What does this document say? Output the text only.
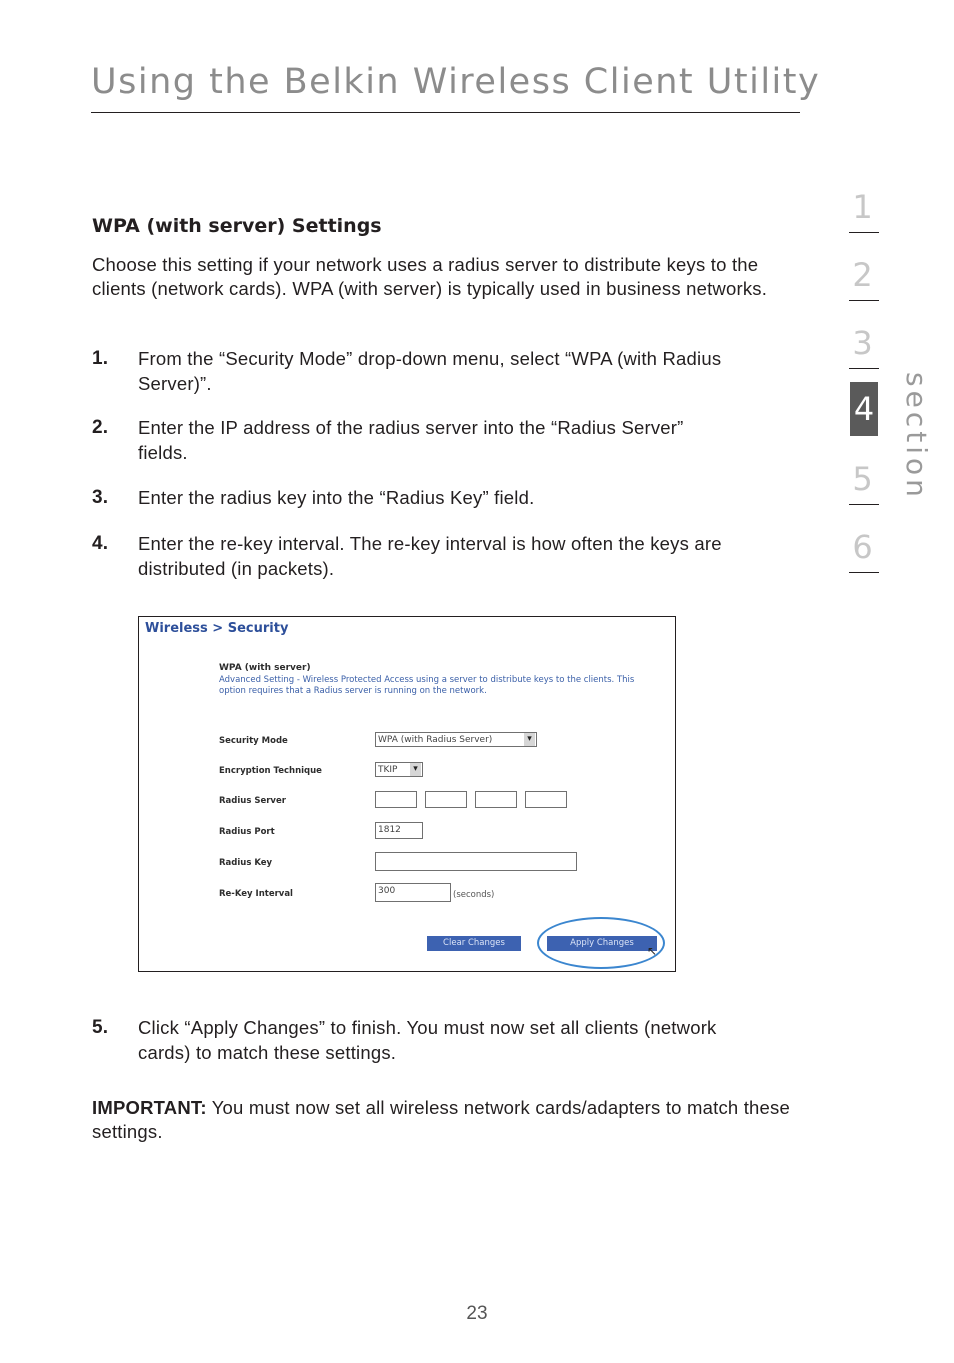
Using the Belkin Wireless Client Utility
1
2
3
4
5
6
section
WPA (with server) Settings
Choose this setting if your network uses a radius server to distribute keys to the clients (network cards). WPA (with server) is typically used in business networks.
1. From the “Security Mode” drop-down menu, select “WPA (with Radius Server)”.
2. Enter the IP address of the radius server into the “Radius Server” fields.
3. Enter the radius key into the “Radius Key” field.
4. Enter the re-key interval. The re-key interval is how often the keys are distributed (in packets).
5. Click “Apply Changes” to finish. You must now set all clients (network cards) to match these settings.
Wireless > Security
WPA (with server)
Advanced Setting - Wireless Protected Access using a server to distribute keys to the clients. This option requires that a Radius server is running on the network.
Security Mode	WPA (with Radius Server) ▾
Encryption Technique	TKIP ▾
Radius Server
Radius Port	1812
Radius Key
Re-Key Interval	300	(seconds)
Clear Changes	Apply Changes
↖
IMPORTANT: You must now set all wireless network cards/adapters to match these settings.
23
